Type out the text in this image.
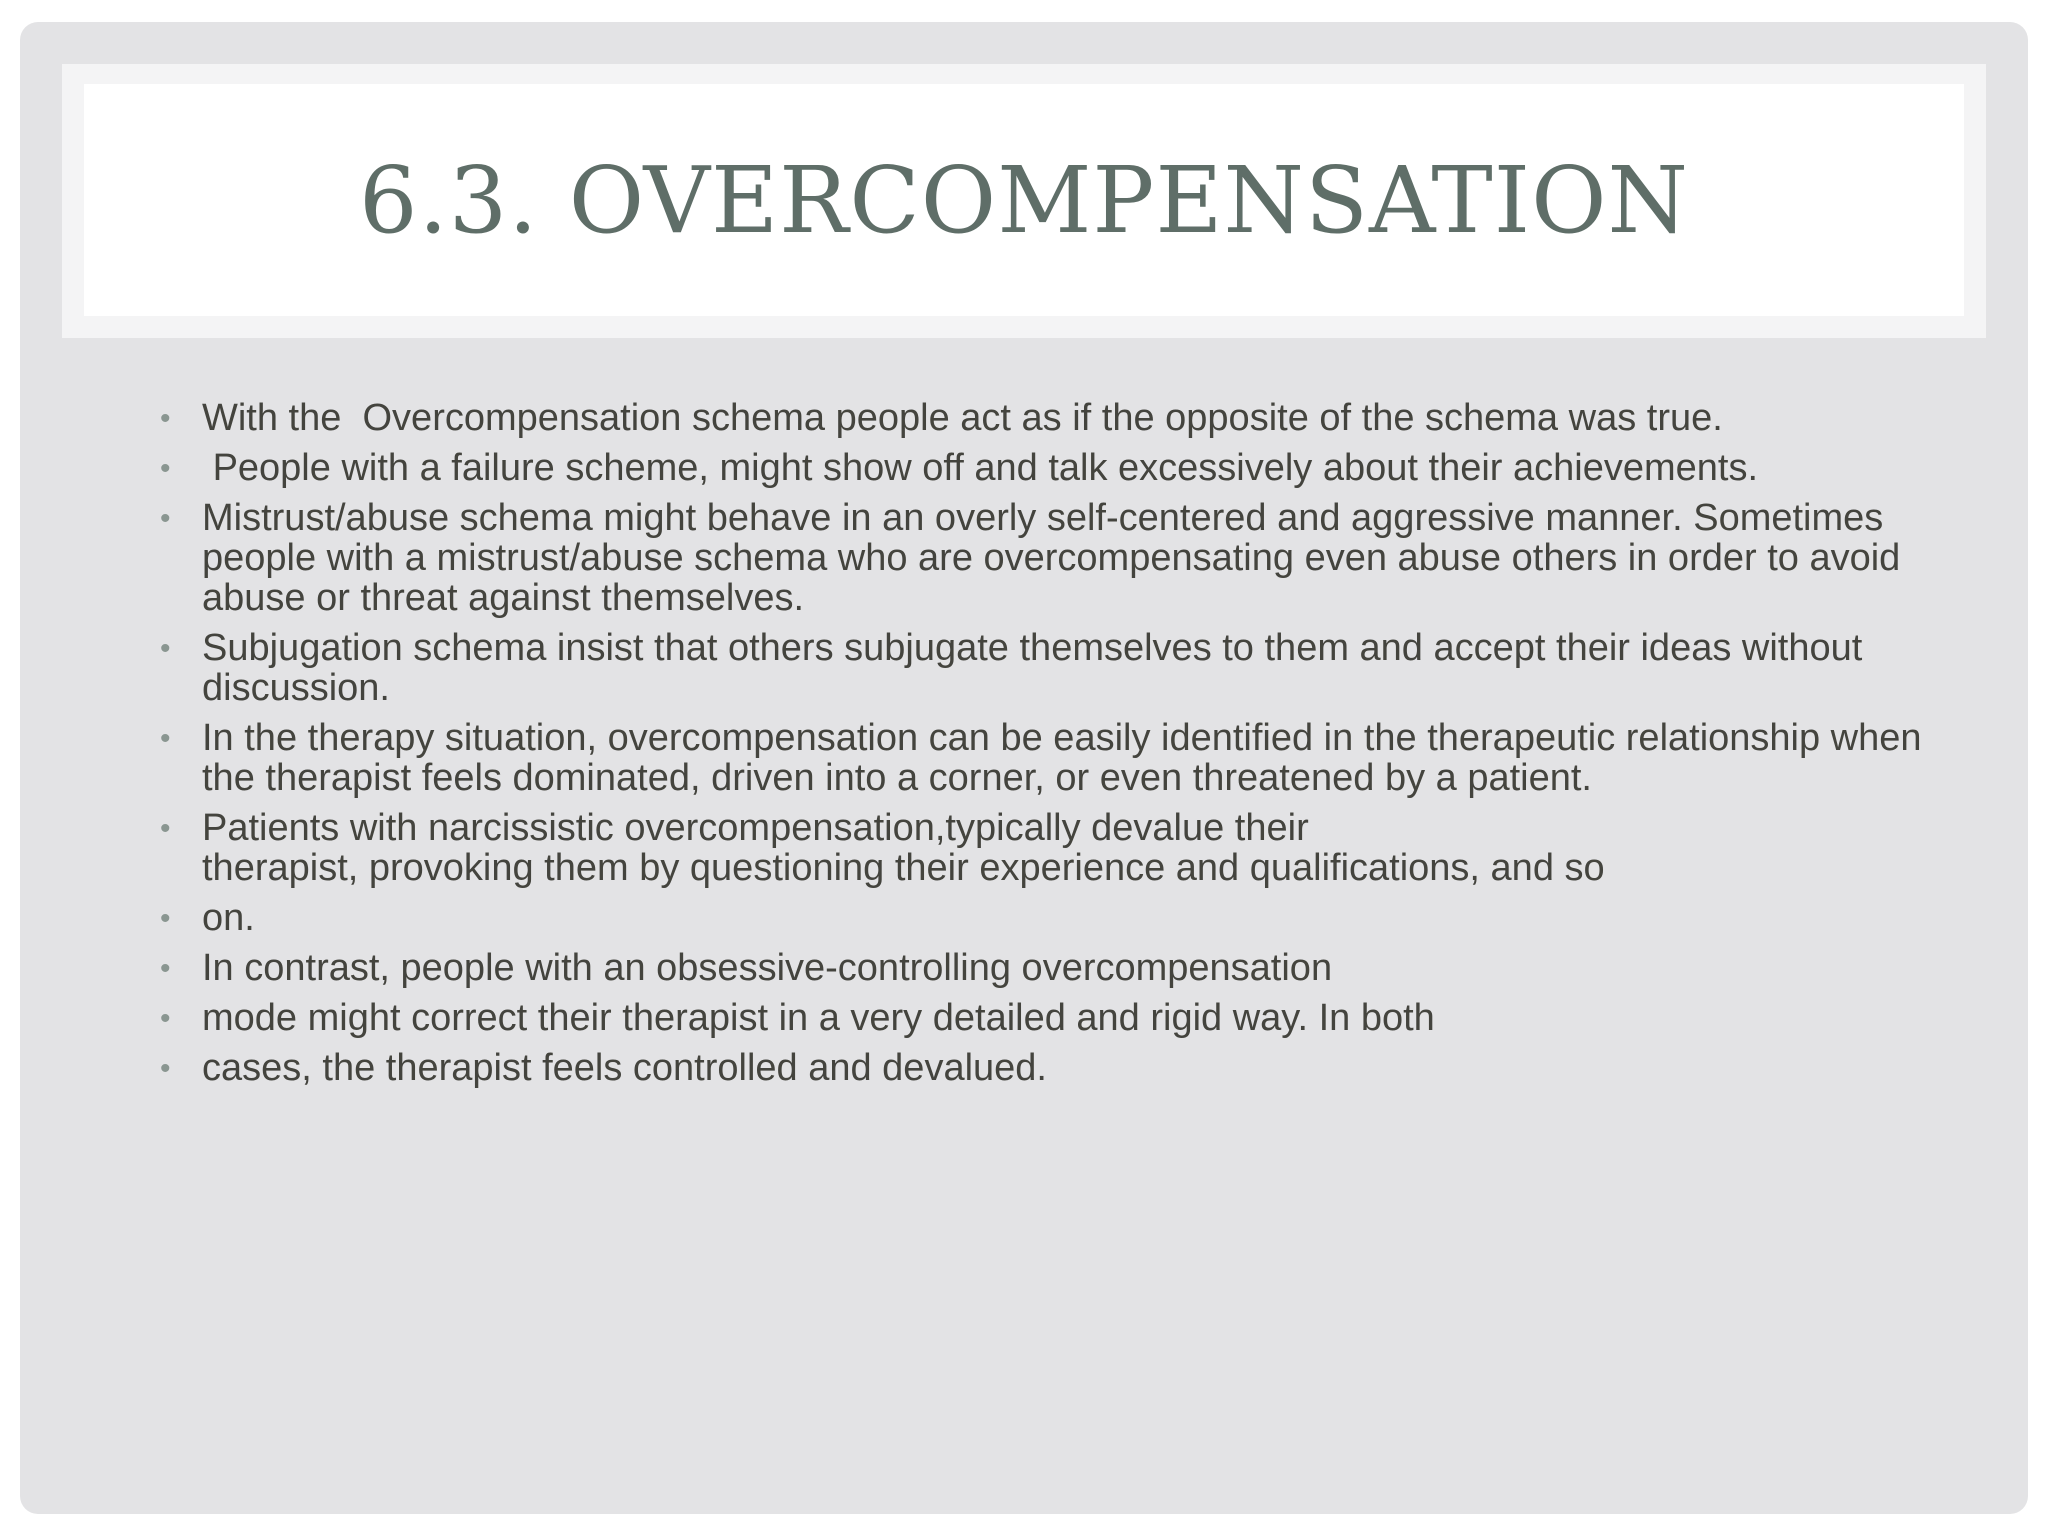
6.3. OVERCOMPENSATION
• With the  Overcompensation schema people act as if the opposite of the schema was true.
• People with a failure scheme, might show off and talk excessively about their achievements.
• Mistrust/abuse schema might behave in an overly self-centered and aggressive manner. Sometimes people with a mistrust/abuse schema who are overcompensating even abuse others in order to avoid abuse or threat against themselves.
• Subjugation schema insist that others subjugate themselves to them and accept their ideas without discussion.
• In the therapy situation, overcompensation can be easily identified in the therapeutic relationship when the therapist feels dominated, driven into a corner, or even threatened by a patient.
• Patients with narcissistic overcompensation,typically devalue their
therapist, provoking them by questioning their experience and qualifications, and so
• on.
• In contrast, people with an obsessive-controlling overcompensation
• mode might correct their therapist in a very detailed and rigid way. In both
• cases, the therapist feels controlled and devalued.
